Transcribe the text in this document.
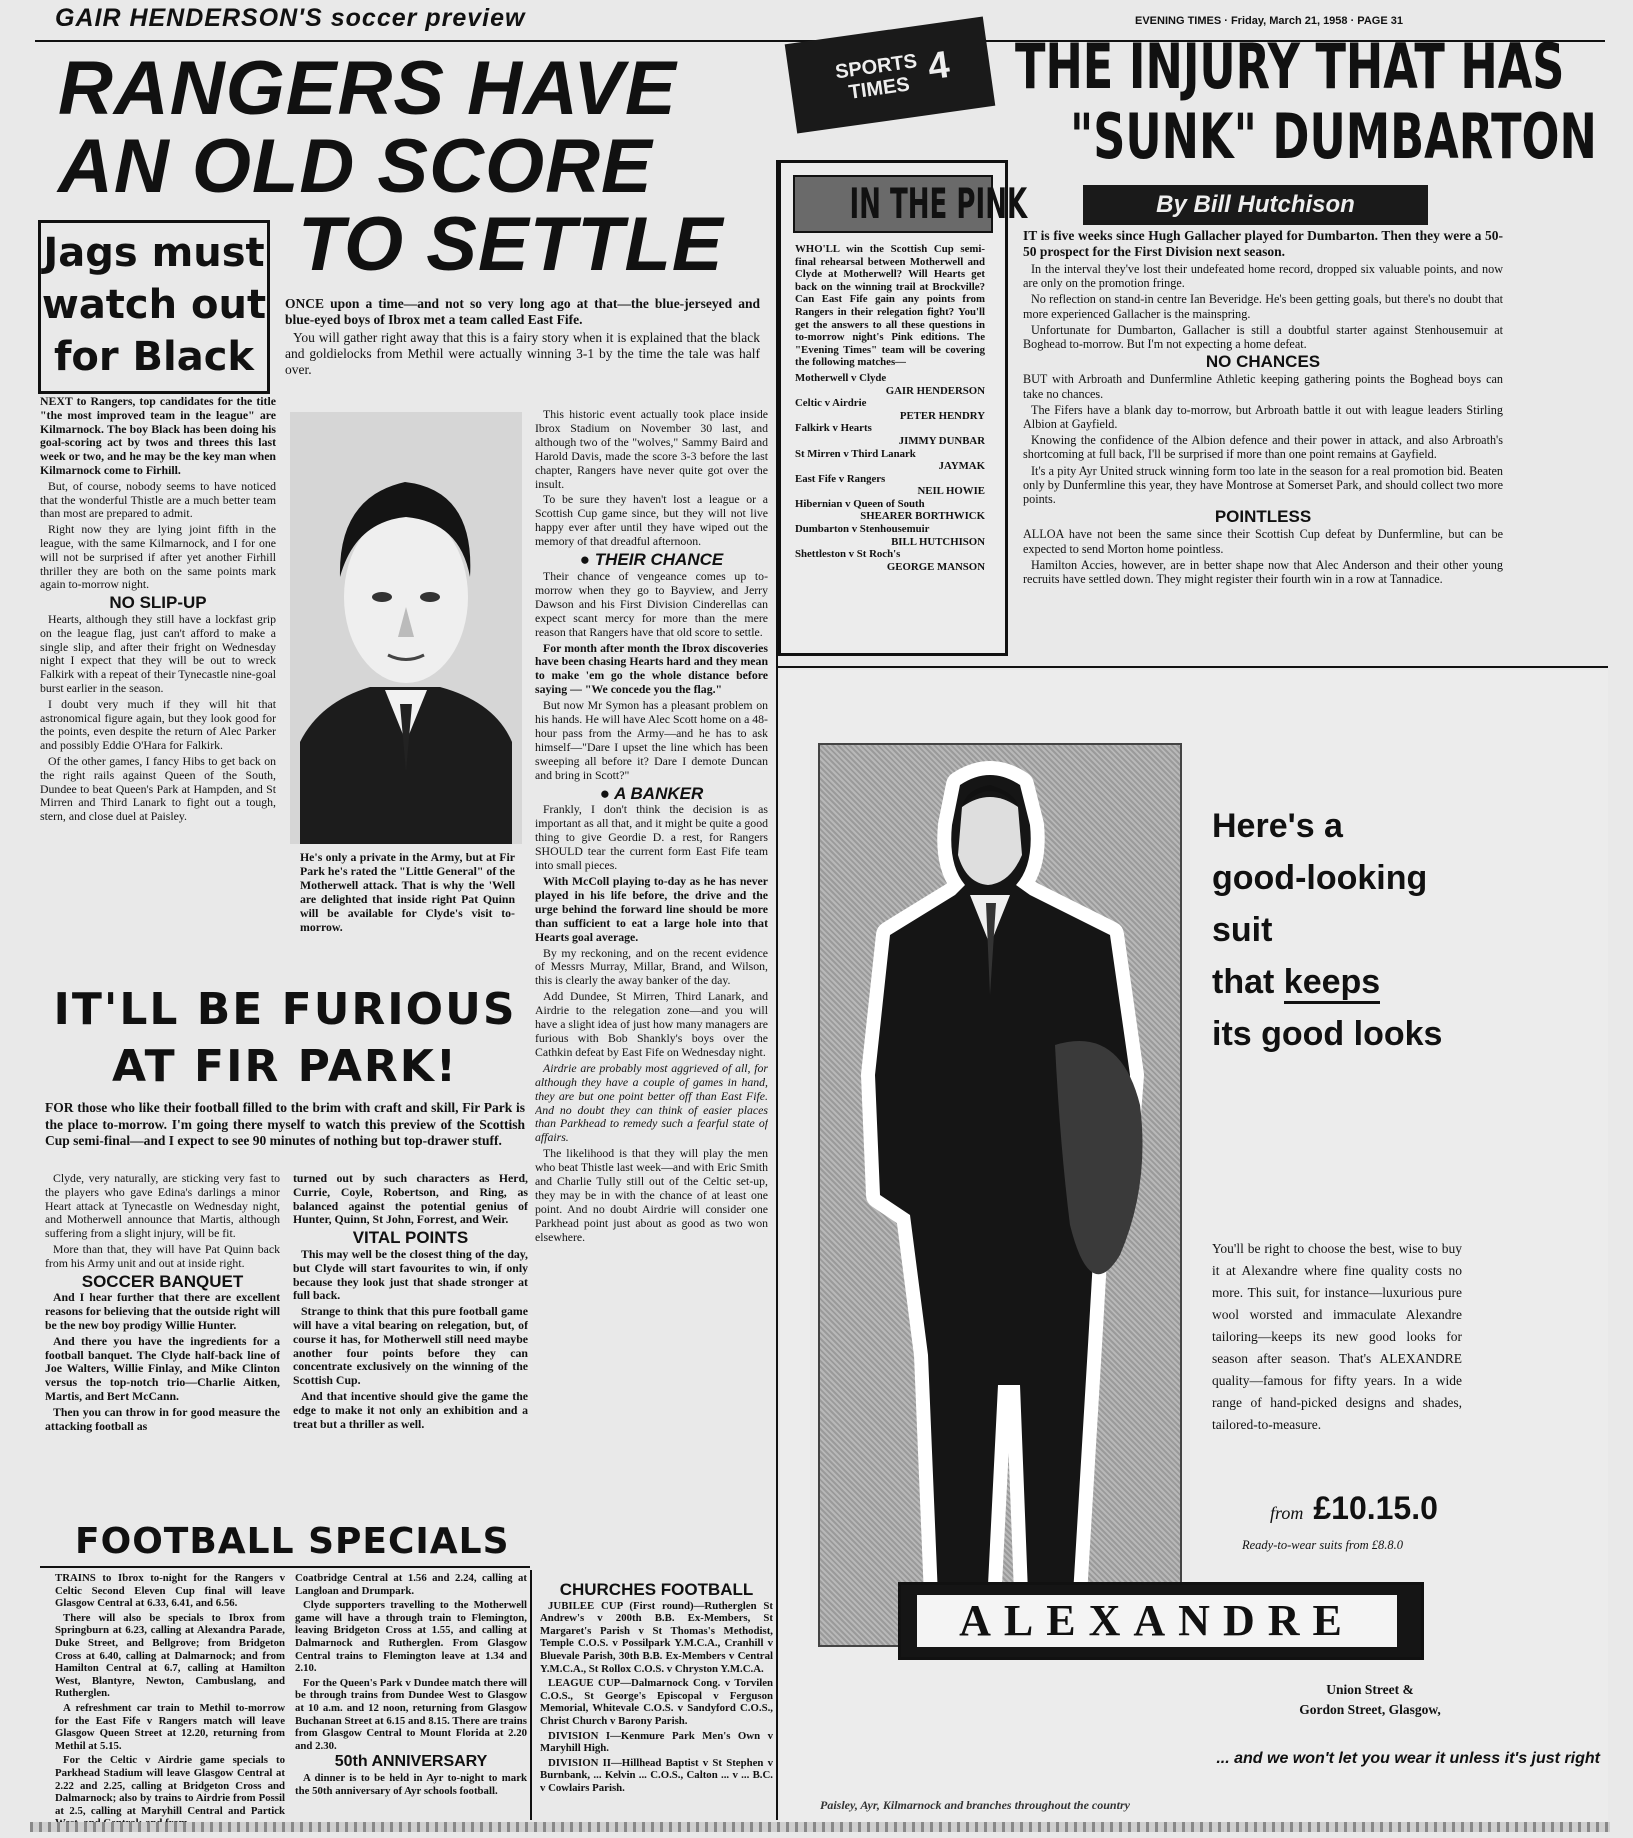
GAIR HENDERSON'S soccer preview	EVENING TIMES · Friday, March 21, 1958 · PAGE 31
RANGERS HAVE
AN OLD SCORE
TO SETTLE
Jags must
watch out
for Black

ONCE upon a time—and not so very long ago at that—the blue-jerseyed and blue-eyed boys of Ibrox met a team called East Fife.

You will gather right away that this is a fairy story when it is explained that the black and goldielocks from Methil were actually winning 3-1 by the time the tale was half over.

NEXT to Rangers, top candidates for the title "the most improved team in the league" are Kilmarnock. The boy Black has been doing his goal-scoring act by twos and threes this last week or two, and he may be the key man when Kilmarnock come to Firhill.

But, of course, nobody seems to have noticed that the wonderful Thistle are a much better team than most are prepared to admit.

Right now they are lying joint fifth in the league, with the same Kilmarnock, and I for one will not be surprised if after yet another Firhill thriller they are both on the same points mark again to-morrow night.

NO SLIP-UP

Hearts, although they still have a lockfast grip on the league flag, just can't afford to make a single slip, and after their fright on Wednesday night I expect that they will be out to wreck Falkirk with a repeat of their Tynecastle nine-goal burst earlier in the season.

I doubt very much if they will hit that astronomical figure again, but they look good for the points, even despite the return of Alec Parker and possibly Eddie O'Hara for Falkirk.

Of the other games, I fancy Hibs to get back on the right rails against Queen of the South, Dundee to beat Queen's Park at Hampden, and St Mirren and Third Lanark to fight out a tough, stern, and close duel at Paisley.

He's only a private in the Army, but at Fir Park he's rated the "Little General" of the Motherwell attack. That is why the 'Well are delighted that inside right Pat Quinn will be available for Clyde's visit to-morrow.

This historic event actually took place inside Ibrox Stadium on November 30 last, and although two of the "wolves," Sammy Baird and Harold Davis, made the score 3-3 before the last chapter, Rangers have never quite got over the insult.

To be sure they haven't lost a league or a Scottish Cup game since, but they will not live happy ever after until they have wiped out the memory of that dreadful afternoon.

● THEIR CHANCE

Their chance of vengeance comes up to-morrow when they go to Bayview, and Jerry Dawson and his First Division Cinderellas can expect scant mercy for more than the mere reason that Rangers have that old score to settle.

For month after month the Ibrox discoveries have been chasing Hearts hard and they mean to make 'em go the whole distance before saying — "We concede you the flag."

But now Mr Symon has a pleasant problem on his hands. He will have Alec Scott home on a 48-hour pass from the Army—and he has to ask himself—"Dare I upset the line which has been sweeping all before it? Dare I demote Duncan and bring in Scott?"

● A BANKER

Frankly, I don't think the decision is as important as all that, and it might be quite a good thing to give Geordie D. a rest, for Rangers SHOULD tear the current form East Fife team into small pieces.

With McColl playing to-day as he has never played in his life before, the drive and the urge behind the forward line should be more than sufficient to eat a large hole into that Hearts goal average.

By my reckoning, and on the recent evidence of Messrs Murray, Millar, Brand, and Wilson, this is clearly the away banker of the day.

Add Dundee, St Mirren, Third Lanark, and Airdrie to the relegation zone—and you will have a slight idea of just how many managers are furious with Bob Shankly's boys over the Cathkin defeat by East Fife on Wednesday night.

Airdrie are probably most aggrieved of all, for although they have a couple of games in hand, they are but one point better off than East Fife. And no doubt they can think of easier places than Parkhead to remedy such a fearful state of affairs.

The likelihood is that they will play the men who beat Thistle last week—and with Eric Smith and Charlie Tully still out of the Celtic set-up, they may be in with the chance of at least one point. And no doubt Airdrie will consider one Parkhead point just about as good as two won elsewhere.

SPORTS TIMES 4	THE INJURY THAT HAS
"SUNK" DUMBARTON
By Bill Hutchison
IN THE PINK

WHO'LL win the Scottish Cup semi-final rehearsal between Motherwell and Clyde at Motherwell? Will Hearts get back on the winning trail at Brockville? Can East Fife gain any points from Rangers in their relegation fight? You'll get the answers to all these questions in to-morrow night's Pink editions. The "Evening Times" team will be covering the following matches—

Motherwell v Clyde
GAIR HENDERSON
Celtic v Airdrie
PETER HENDRY
Falkirk v Hearts
JIMMY DUNBAR
St Mirren v Third Lanark
JAYMAK
East Fife v Rangers
NEIL HOWIE
Hibernian v Queen of South
SHEARER BORTHWICK
Dumbarton v Stenhousemuir
BILL HUTCHISON
Shettleston v St Roch's
GEORGE MANSON

IT is five weeks since Hugh Gallacher played for Dumbarton. Then they were a 50-50 prospect for the First Division next season.

In the interval they've lost their undefeated home record, dropped six valuable points, and now are only on the promotion fringe.

No reflection on stand-in centre Ian Beveridge. He's been getting goals, but there's no doubt that more experienced Gallacher is the mainspring.

Unfortunate for Dumbarton, Gallacher is still a doubtful starter against Stenhousemuir at Boghead to-morrow. But I'm not expecting a home defeat.

NO CHANCES

BUT with Arbroath and Dunfermline Athletic keeping gathering points the Boghead boys can take no chances.

The Fifers have a blank day to-morrow, but Arbroath battle it out with league leaders Stirling Albion at Gayfield.

Knowing the confidence of the Albion defence and their power in attack, and also Arbroath's shortcoming at full back, I'll be surprised if more than one point remains at Gayfield.

It's a pity Ayr United struck winning form too late in the season for a real promotion bid. Beaten only by Dunfermline this year, they have Montrose at Somerset Park, and should collect two more points.

POINTLESS

ALLOA have not been the same since their Scottish Cup defeat by Dunfermline, but can be expected to send Morton home pointless.

Hamilton Accies, however, are in better shape now that Alec Anderson and their other young recruits have settled down. They might register their fourth win in a row at Tannadice.

IT'LL BE FURIOUS
AT FIR PARK!

FOR those who like their football filled to the brim with craft and skill, Fir Park is the place to-morrow. I'm going there myself to watch this preview of the Scottish Cup semi-final—and I expect to see 90 minutes of nothing but top-drawer stuff.

Clyde, very naturally, are sticking very fast to the players who gave Edina's darlings a minor Heart attack at Tynecastle on Wednesday night, and Motherwell announce that Martis, although suffering from a slight injury, will be fit.

More than that, they will have Pat Quinn back from his Army unit and out at inside right.

SOCCER BANQUET

And I hear further that there are excellent reasons for believing that the outside right will be the new boy prodigy Willie Hunter.

And there you have the ingredients for a football banquet. The Clyde half-back line of Joe Walters, Willie Finlay, and Mike Clinton versus the top-notch trio—Charlie Aitken, Martis, and Bert McCann.

Then you can throw in for good measure the attacking football as

turned out by such characters as Herd, Currie, Coyle, Robertson, and Ring, as balanced against the potential genius of Hunter, Quinn, St John, Forrest, and Weir.

VITAL POINTS

This may well be the closest thing of the day, but Clyde will start favourites to win, if only because they look just that shade stronger at full back.

Strange to think that this pure football game will have a vital bearing on relegation, but, of course it has, for Motherwell still need maybe another four points before they can concentrate exclusively on the winning of the Scottish Cup.

And that incentive should give the game the edge to make it not only an exhibition and a treat but a thriller as well.

FOOTBALL SPECIALS

TRAINS to Ibrox to-night for the Rangers v Celtic Second Eleven Cup final will leave Glasgow Central at 6.33, 6.41, and 6.56.

There will also be specials to Ibrox from Springburn at 6.23, calling at Alexandra Parade, Duke Street, and Bellgrove; from Bridgeton Cross at 6.40, calling at Dalmarnock; and from Hamilton Central at 6.7, calling at Hamilton West, Blantyre, Newton, Cambuslang, and Rutherglen.

A refreshment car train to Methil to-morrow for the East Fife v Rangers match will leave Glasgow Queen Street at 12.20, returning from Methil at 5.15.

For the Celtic v Airdrie game specials to Parkhead Stadium will leave Glasgow Central at 2.22 and 2.25, calling at Bridgeton Cross and Dalmarnock; also by trains to Airdrie from Possil at 2.5, calling at Maryhill Central and Partick

Coatbridge Central at 1.56 and 2.24, calling at Langloan and Drumpark.

Clyde supporters travelling to the Motherwell game will have a through train to Flemington, leaving Bridgeton Cross at 1.55, and calling at Dalmarnock and Rutherglen. From Glasgow Central trains to Flemington leave at 1.34 and 2.10.

For the Queen's Park v Dundee match there will be through trains from Dundee West to Glasgow at 10 a.m. and 12 noon, returning from Glasgow Buchanan Street at 6.15 and 8.15. There are trains from Glasgow Central to Mount Florida at 2.20 and 2.30.

50th ANNIVERSARY

A dinner is to be held in Ayr to-night to mark the 50th anniversary of Ayr schools football.

CHURCHES FOOTBALL

JUBILEE CUP (First round)—Rutherglen St Andrew's v 200th B.B. Ex-Members, St Margaret's Parish v St Thomas's Methodist, Temple C.O.S. v Possilpark Y.M.C.A., Cranhill v Bluevale Parish, 30th B.B. Ex-Members v Central Y.M.C.A., St Rollox C.O.S. v Chryston Y.M.C.A.

LEAGUE CUP—Dalmarnock Cong. v Torvilen C.O.S., St George's Episcopal v Ferguson Memorial, Whitevale C.O.S. v Sandyford C.O.S., Christ Church v Barony Parish.

DIVISION I—Kenmure Park Men's Own v Maryhill High.

DIVISION II—Hillhead Baptist v St Stephen v Burnbank, ... Kelvin ... C.O.S., Calton ... v ... B.C. v Cowlairs Parish.

Here's a
good-looking
suit
that keeps
its good looks
You'll be right to choose the best, wise to buy it at Alexandre where fine quality costs no more. This suit, for instance—luxurious pure wool worsted and immaculate Alexandre tailoring—keeps its new good looks for season after season. That's ALEXANDRE quality—famous for fifty years. In a wide range of hand-picked designs and shades, tailored-to-measure.
from £10.15.0
Ready-to-wear suits from £8.8.0
ALEXANDRE
Union Street &
Gordon Street, Glasgow,
... and we won't let you wear it unless it's just right
Paisley, Ayr, Kilmarnock and branches throughout the country
